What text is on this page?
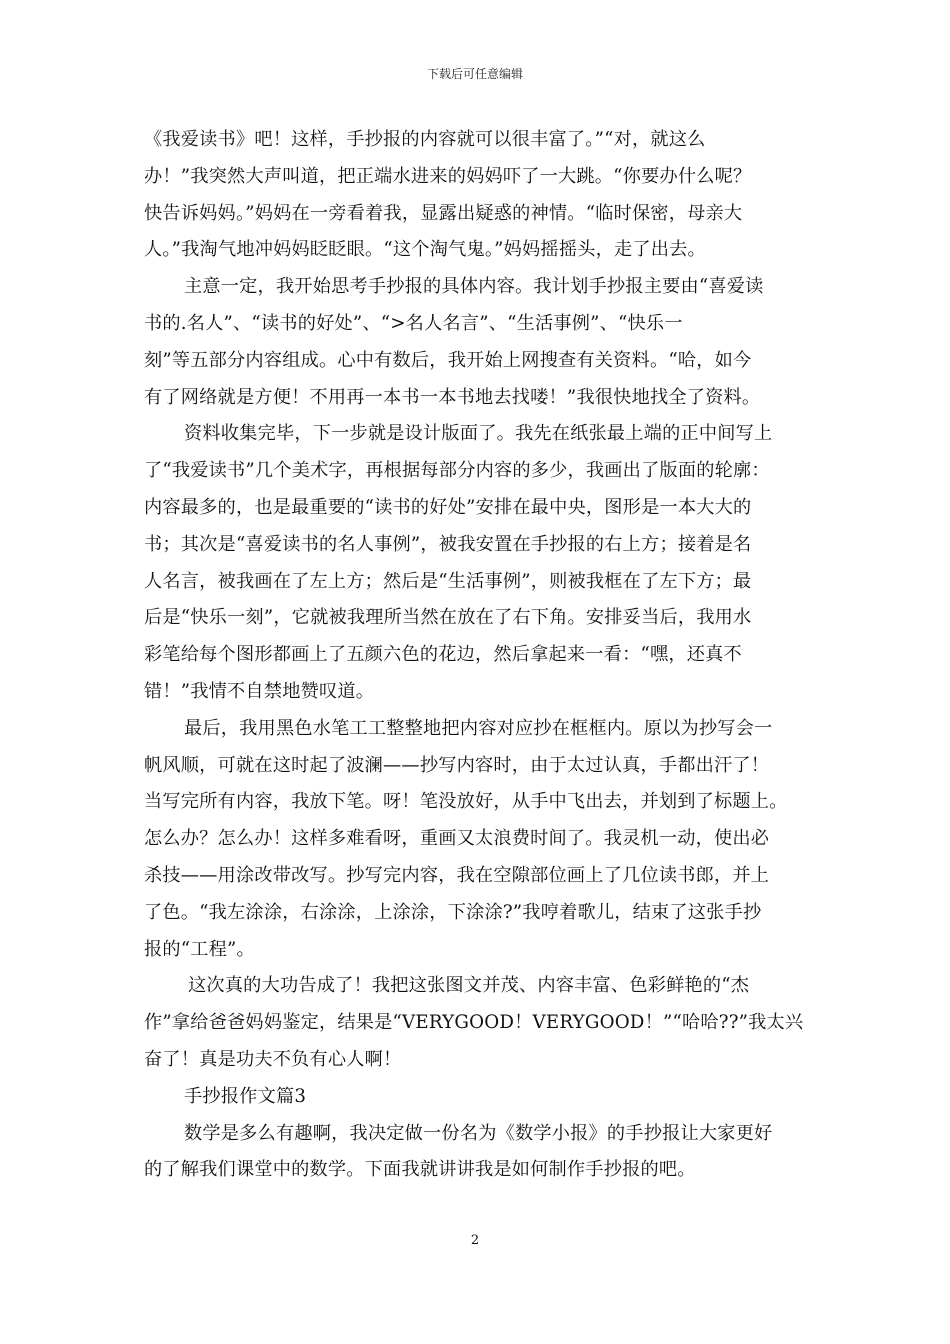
下载后可任意编辑
《我爱读书》吧！这样，手抄报的内容就可以很丰富了。”“对，就这么
办！”我突然大声叫道，把正端水进来的妈妈吓了一大跳。“你要办什么呢？
快告诉妈妈。”妈妈在一旁看着我，显露出疑惑的神情。“临时保密，母亲大
人。”我淘气地冲妈妈眨眨眼。“这个淘气鬼。”妈妈摇摇头，走了出去。
主意一定，我开始思考手抄报的具体内容。我计划手抄报主要由“喜爱读
书的.名人”、“读书的好处”、“>名人名言”、“生活事例”、“快乐一
刻”等五部分内容组成。心中有数后，我开始上网搜查有关资料。“哈，如今
有了网络就是方便！不用再一本书一本书地去找喽！”我很快地找全了资料。
资料收集完毕，下一步就是设计版面了。我先在纸张最上端的正中间写上
了“我爱读书”几个美术字，再根据每部分内容的多少，我画出了版面的轮廓：
内容最多的，也是最重要的“读书的好处”安排在最中央，图形是一本大大的
书；其次是“喜爱读书的名人事例”，被我安置在手抄报的右上方；接着是名
人名言，被我画在了左上方；然后是“生活事例”，则被我框在了左下方；最
后是“快乐一刻”，它就被我理所当然在放在了右下角。安排妥当后，我用水
彩笔给每个图形都画上了五颜六色的花边，然后拿起来一看：“嘿，还真不
错！”我情不自禁地赞叹道。
最后，我用黑色水笔工工整整地把内容对应抄在框框内。原以为抄写会一
帆风顺，可就在这时起了波澜——抄写内容时，由于太过认真，手都出汗了！
当写完所有内容，我放下笔。呀！笔没放好，从手中飞出去，并划到了标题上。
怎么办？怎么办！这样多难看呀，重画又太浪费时间了。我灵机一动，使出必
杀技——用涂改带改写。抄写完内容，我在空隙部位画上了几位读书郎，并上
了色。“我左涂涂，右涂涂，上涂涂，下涂涂?”我哼着歌儿，结束了这张手抄
报的“工程”。
这次真的大功告成了！我把这张图文并茂、内容丰富、色彩鲜艳的“杰
作”拿给爸爸妈妈鉴定，结果是“VERYGOOD！VERYGOOD！”“哈哈??”我太兴
奋了！真是功夫不负有心人啊！
手抄报作文篇3
数学是多么有趣啊，我决定做一份名为《数学小报》的手抄报让大家更好
的了解我们课堂中的数学。下面我就讲讲我是如何制作手抄报的吧。
2
